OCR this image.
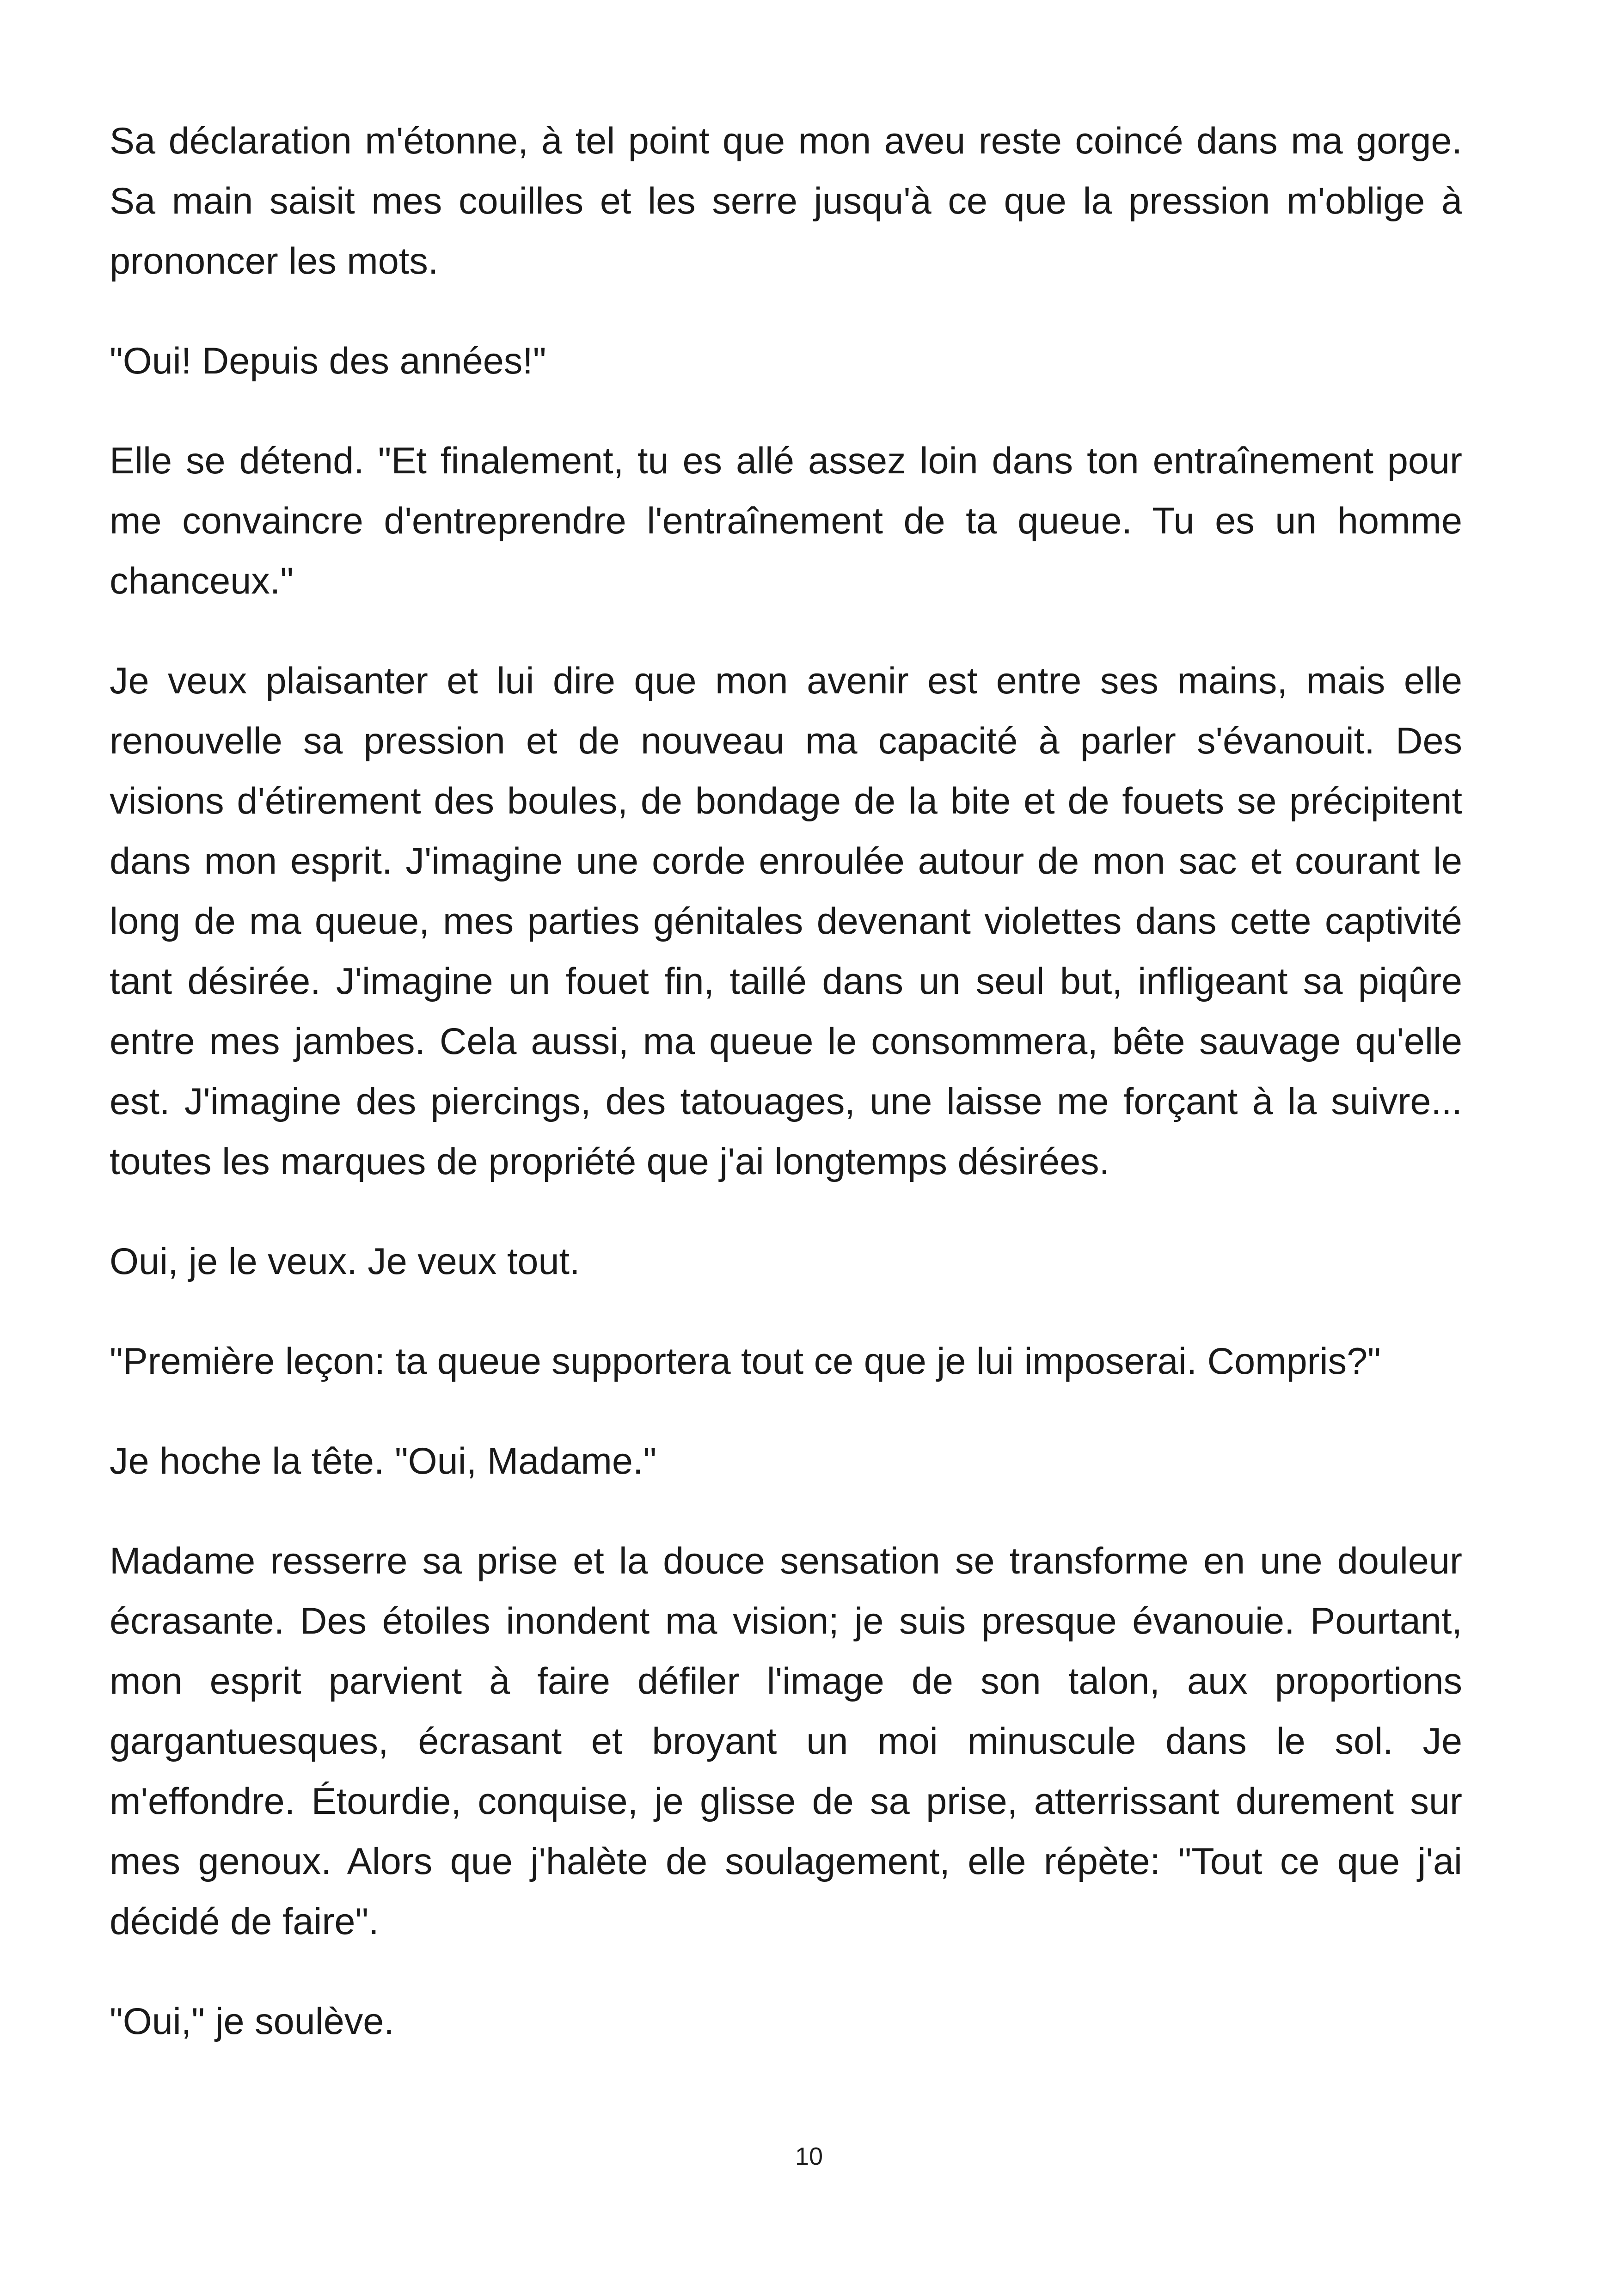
Sa déclaration m'étonne, à tel point que mon aveu reste coincé dans ma gorge. Sa main saisit mes couilles et les serre jusqu'à ce que la pression m'oblige à prononcer les mots.

"Oui! Depuis des années!"

Elle se détend. "Et finalement, tu es allé assez loin dans ton entraînement pour me convaincre d'entreprendre l'entraînement de ta queue. Tu es un homme chanceux."

Je veux plaisanter et lui dire que mon avenir est entre ses mains, mais elle renouvelle sa pression et de nouveau ma capacité à parler s'évanouit. Des visions d'étirement des boules, de bondage de la bite et de fouets se précipitent dans mon esprit. J'imagine une corde enroulée autour de mon sac et courant le long de ma queue, mes parties génitales devenant violettes dans cette captivité tant désirée. J'imagine un fouet fin, taillé dans un seul but, infligeant sa piqûre entre mes jambes. Cela aussi, ma queue le consommera, bête sauvage qu'elle est. J'imagine des piercings, des tatouages, une laisse me forçant à la suivre... toutes les marques de propriété que j'ai longtemps désirées.

Oui, je le veux. Je veux tout.

"Première leçon: ta queue supportera tout ce que je lui imposerai. Compris?"

Je hoche la tête. "Oui, Madame."

Madame resserre sa prise et la douce sensation se transforme en une douleur écrasante. Des étoiles inondent ma vision; je suis presque évanouie. Pourtant, mon esprit parvient à faire défiler l'image de son talon, aux proportions gargantuesques, écrasant et broyant un moi minuscule dans le sol. Je m'effondre. Étourdie, conquise, je glisse de sa prise, atterrissant durement sur mes genoux. Alors que j'halète de soulagement, elle répète: "Tout ce que j'ai décidé de faire".

"Oui," je soulève.

10
